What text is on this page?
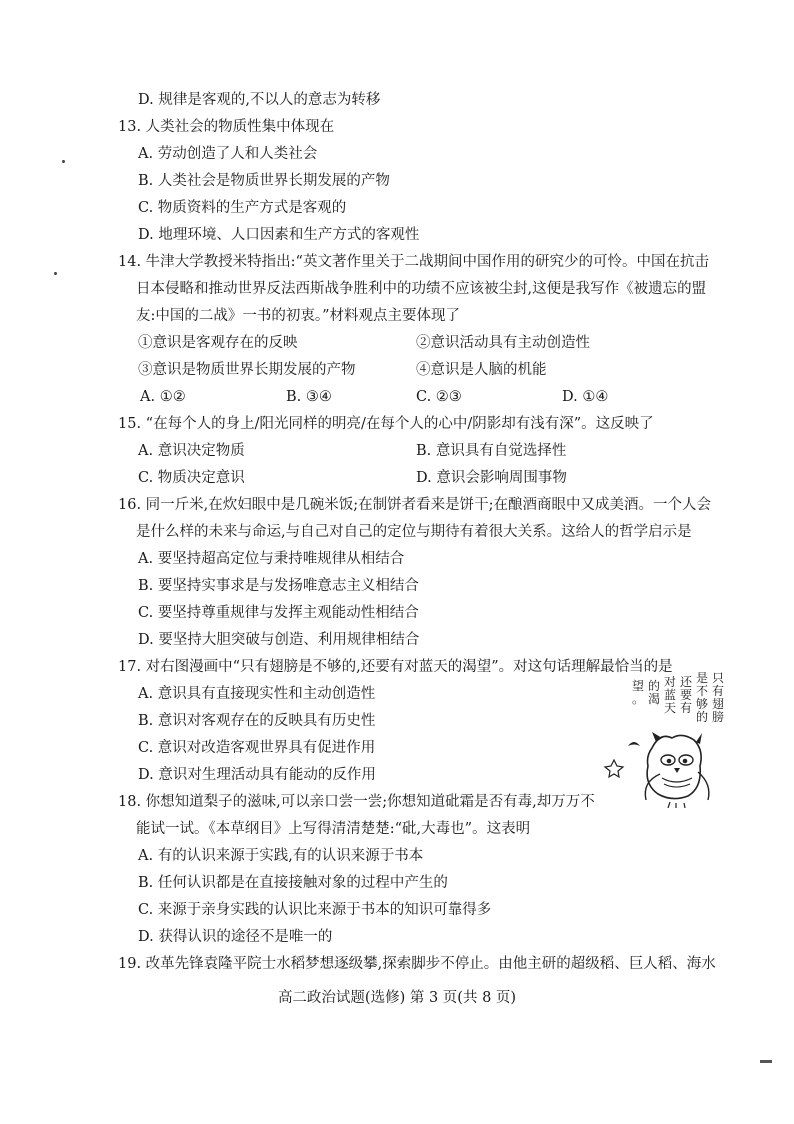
D. 规律是客观的,不以人的意志为转移
13. 人类社会的物质性集中体现在
A. 劳动创造了人和人类社会
B. 人类社会是物质世界长期发展的产物
C. 物质资料的生产方式是客观的
D. 地理环境、人口因素和生产方式的客观性
14. 牛津大学教授米特指出:“英文著作里关于二战期间中国作用的研究少的可怜。中国在抗击
日本侵略和推动世界反法西斯战争胜利中的功绩不应该被尘封,这便是我写作《被遗忘的盟
友:中国的二战》一书的初衷。”材料观点主要体现了
①意识是客观存在的反映	②意识活动具有主动创造性
③意识是物质世界长期发展的产物	④意识是人脑的机能
A. ①②	B. ③④	C. ②③	D. ①④
15. “在每个人的身上/阳光同样的明亮/在每个人的心中/阴影却有浅有深”。这反映了
A. 意识决定物质	B. 意识具有自觉选择性
C. 物质决定意识	D. 意识会影响周围事物
16. 同一斤米,在炊妇眼中是几碗米饭;在制饼者看来是饼干;在酿酒商眼中又成美酒。一个人会
是什么样的未来与命运,与自己对自己的定位与期待有着很大关系。这给人的哲学启示是
A. 要坚持超高定位与秉持唯规律从相结合
B. 要坚持实事求是与发扬唯意志主义相结合
C. 要坚持尊重规律与发挥主观能动性相结合
D. 要坚持大胆突破与创造、利用规律相结合
17. 对右图漫画中“只有翅膀是不够的,还要有对蓝天的渴望”。对这句话理解最恰当的是
A. 意识具有直接现实性和主动创造性
B. 意识对客观存在的反映具有历史性
C. 意识对改造客观世界具有促进作用
D. 意识对生理活动具有能动的反作用
18. 你想知道梨子的滋味,可以亲口尝一尝;你想知道砒霜是否有毒,却万万不
能试一试。《本草纲目》上写得清清楚楚:“砒,大毒也”。这表明
A. 有的认识来源于实践,有的认识来源于书本
B. 任何认识都是在直接接触对象的过程中产生的
C. 来源于亲身实践的认识比来源于书本的知识可靠得多
D. 获得认识的途径不是唯一的
19. 改革先锋袁隆平院士水稻梦想逐级攀,探索脚步不停止。由他主研的超级稻、巨人稻、海水
只有翅膀
是不够的
还要有
对蓝天
的渴
望。
高二政治试题(选修) 第 3 页(共 8 页)
